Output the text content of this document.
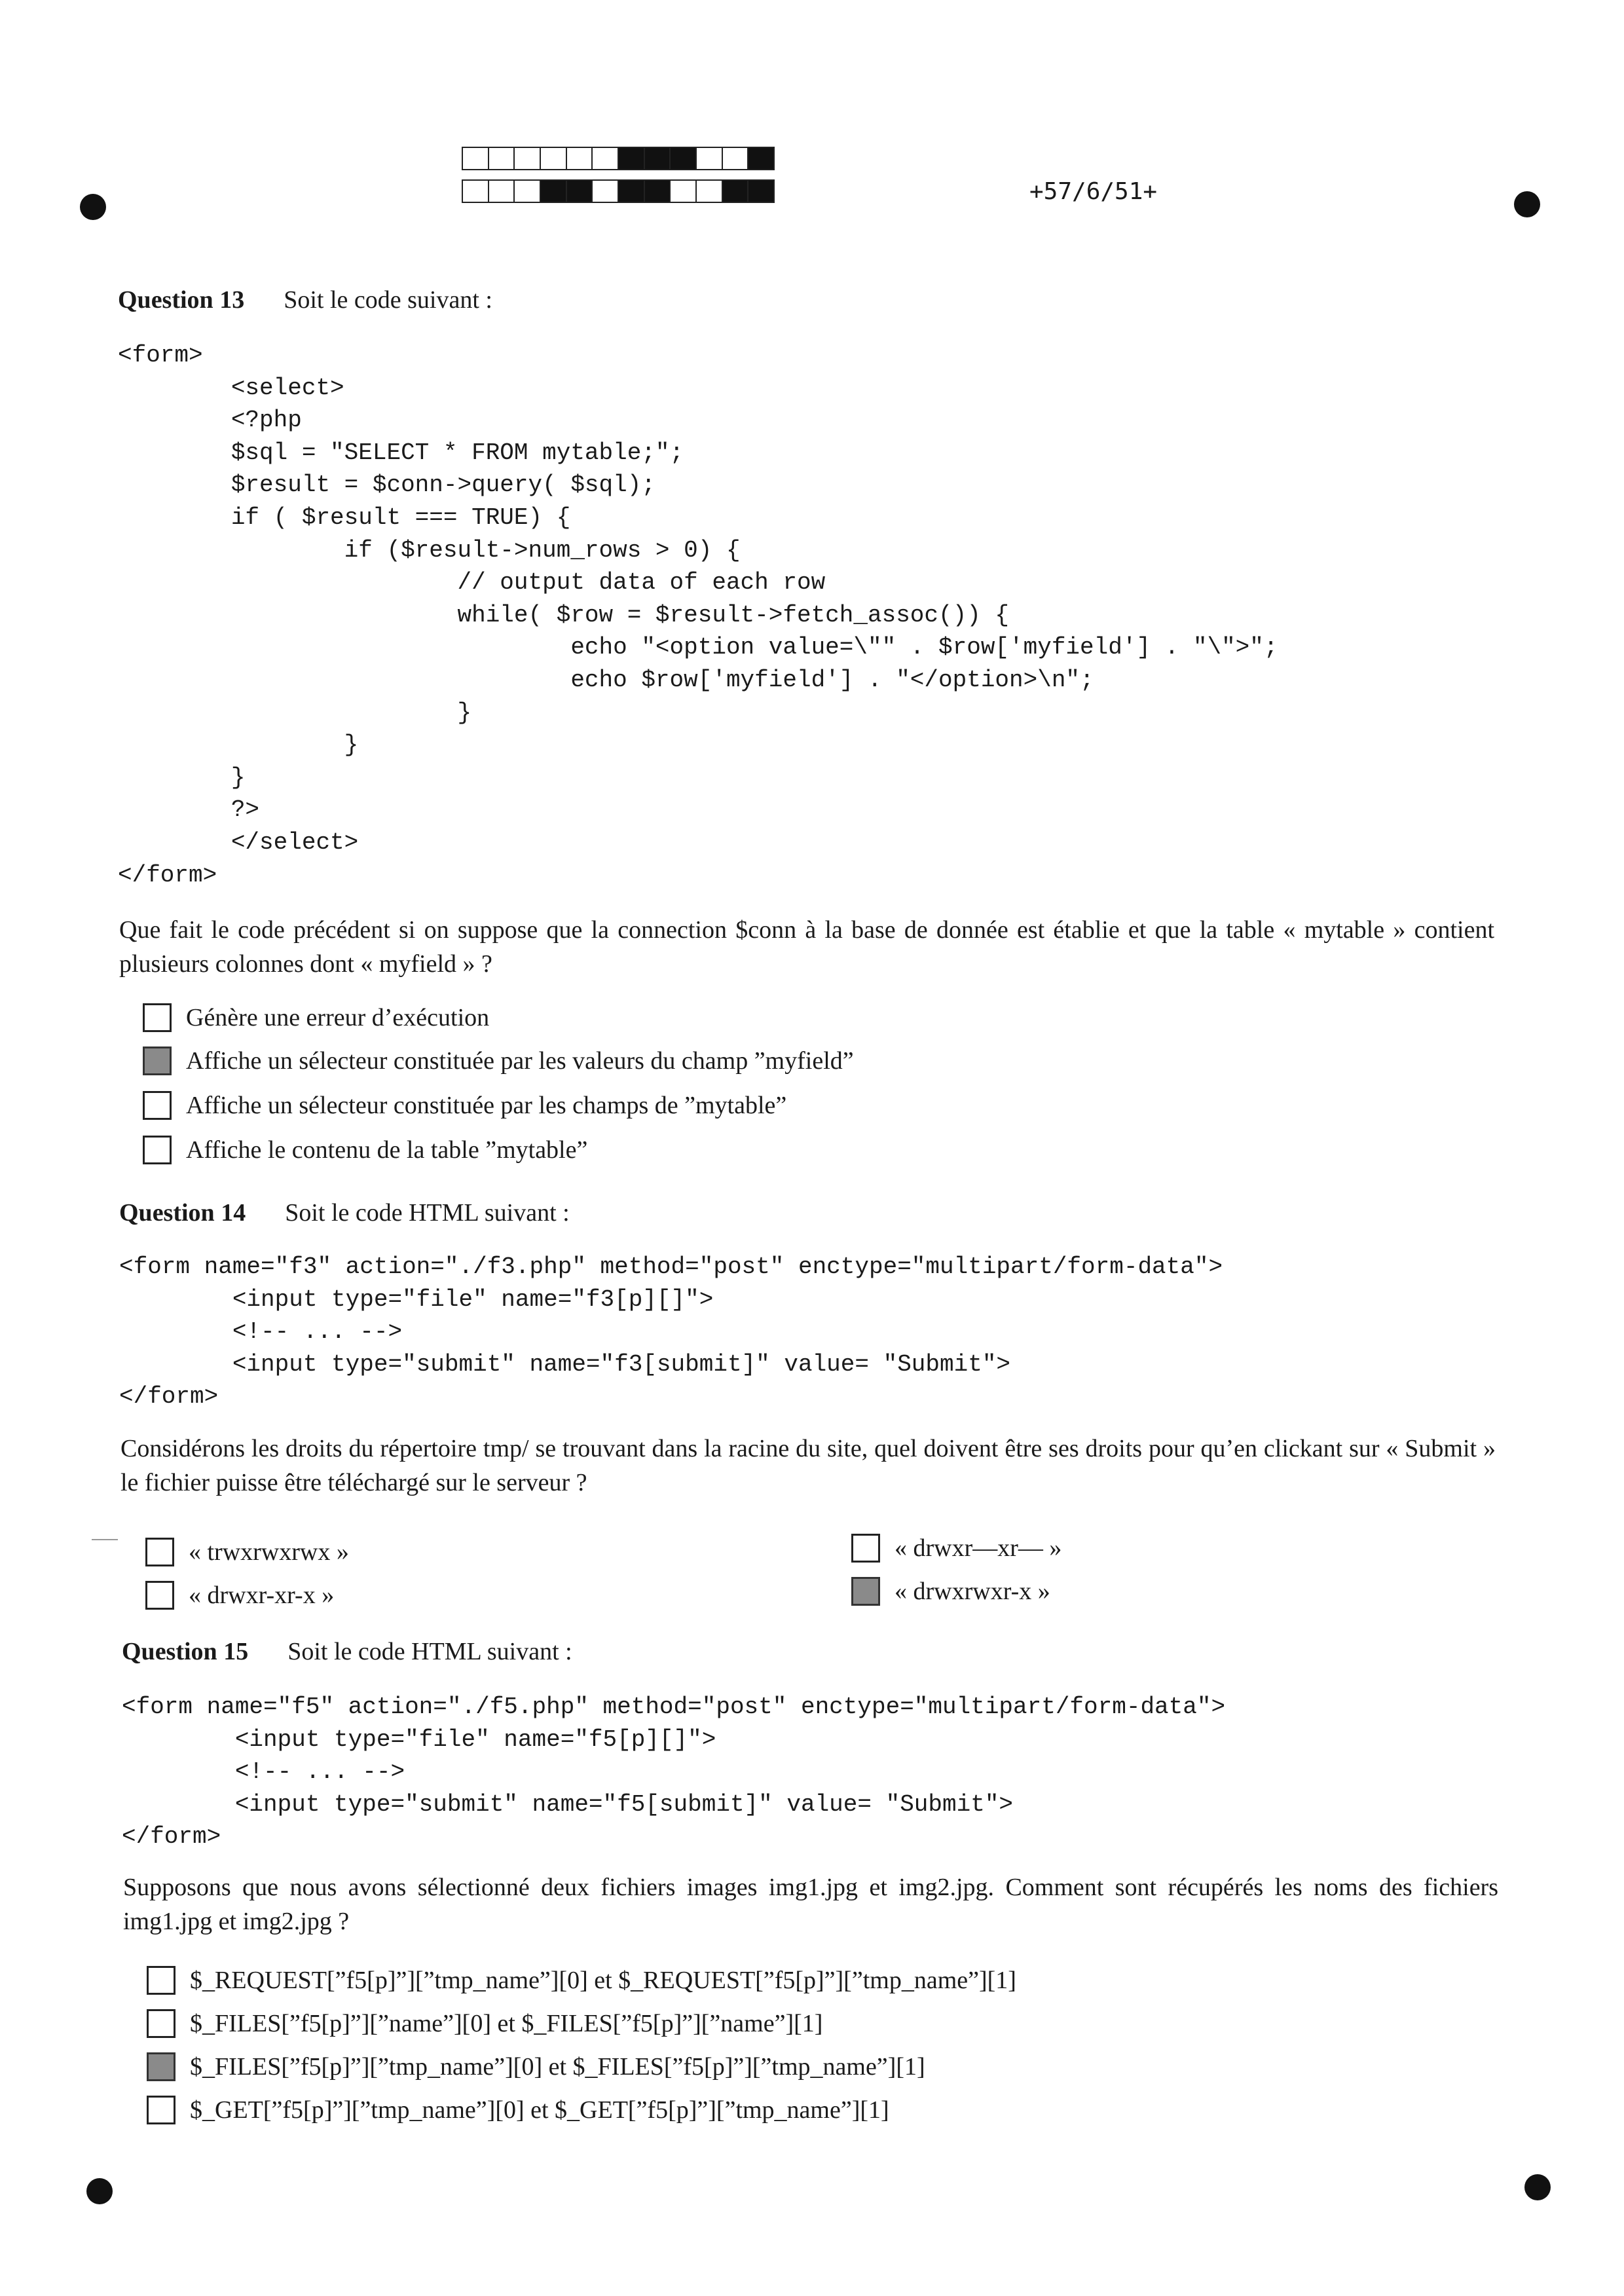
+57/6/51+
Question 13 Soit le code suivant :
<form>
<select>
<?php
$sql = "SELECT * FROM mytable;";
$result = $conn->query( $sql);
if ( $result === TRUE) {
if ($result->num_rows > 0) {
// output data of each row
while( $row = $result->fetch_assoc()) {
echo "<option value=\"" . $row['myfield'] . "\">";
echo $row['myfield'] . "</option>\n";
}
}
}
?>
</select>
</form>
Que fait le code précédent si on suppose que la connection $conn à la base de donnée est établie et que la table « mytable » contient plusieurs colonnes dont « myfield » ?
Génère une erreur d’exécution
Affiche un sélecteur constituée par les valeurs du champ ”myfield”
Affiche un sélecteur constituée par les champs de ”mytable”
Affiche le contenu de la table ”mytable”
Question 14 Soit le code HTML suivant :
<form name="f3" action="./f3.php" method="post" enctype="multipart/form-data">
<input type="file" name="f3[p][]">
<!-- ... -->
<input type="submit" name="f3[submit]" value= "Submit">
</form>
Considérons les droits du répertoire tmp/ se trouvant dans la racine du site, quel doivent être ses droits pour qu’en clickant sur « Submit » le fichier puisse être téléchargé sur le serveur ?
« trwxrwxrwx »
« drwxr-xr-x »
« drwxr—xr— »
« drwxrwxr-x »
Question 15 Soit le code HTML suivant :
<form name="f5" action="./f5.php" method="post" enctype="multipart/form-data">
<input type="file" name="f5[p][]">
<!-- ... -->
<input type="submit" name="f5[submit]" value= "Submit">
</form>
Supposons que nous avons sélectionné deux fichiers images img1.jpg et img2.jpg. Comment sont récupérés les noms des fichiers img1.jpg et img2.jpg ?
$_REQUEST[”f5[p]”][”tmp_name”][0] et $_REQUEST[”f5[p]”][”tmp_name”][1]
$_FILES[”f5[p]”][”name”][0] et $_FILES[”f5[p]”][”name”][1]
$_FILES[”f5[p]”][”tmp_name”][0] et $_FILES[”f5[p]”][”tmp_name”][1]
$_GET[”f5[p]”][”tmp_name”][0] et $_GET[”f5[p]”][”tmp_name”][1]
